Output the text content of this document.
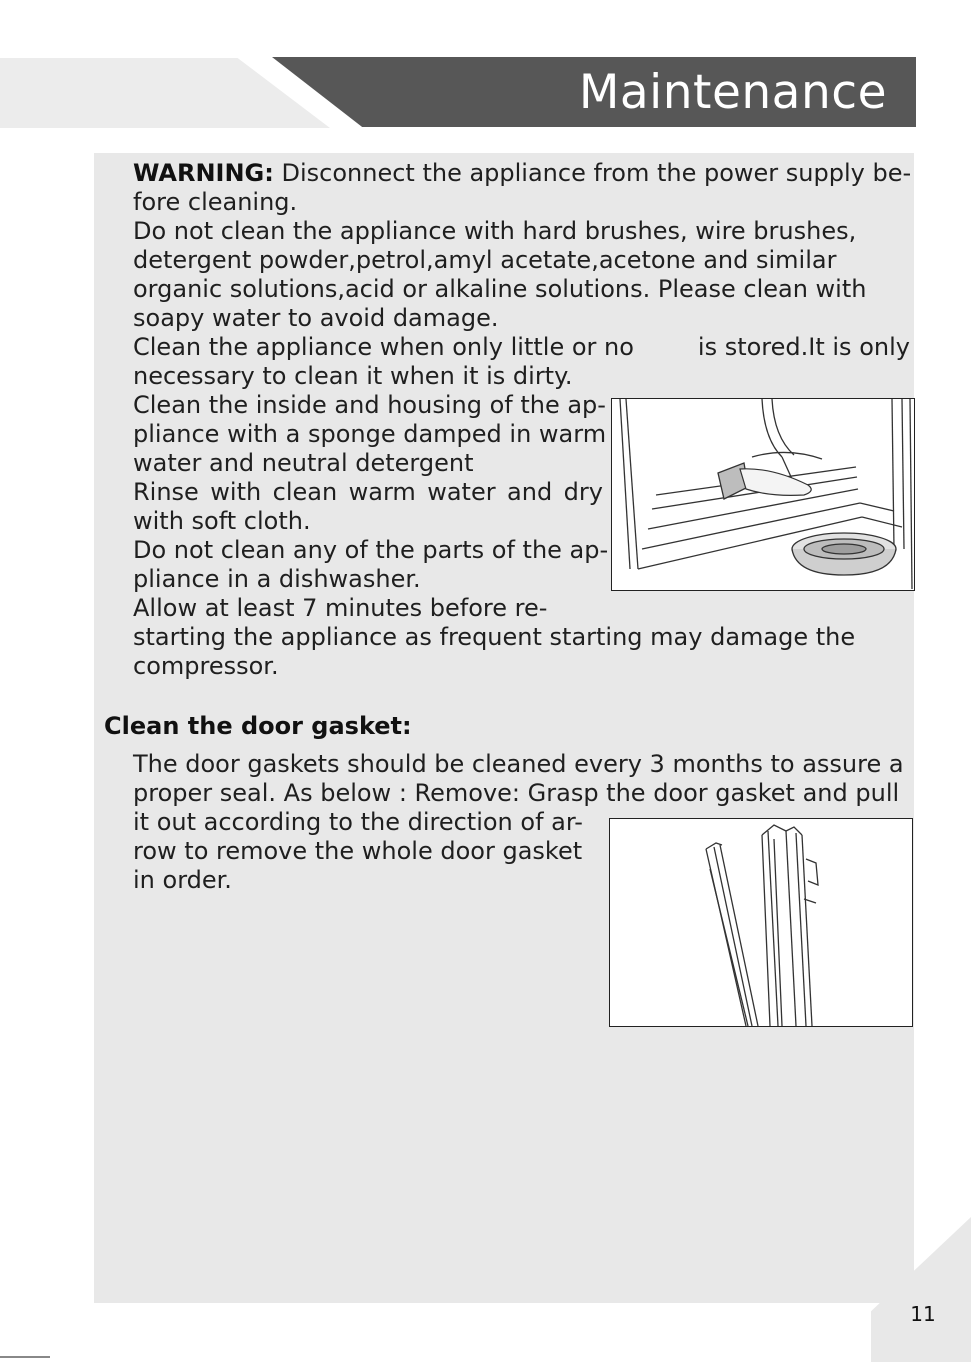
Maintenance
WARNING: Disconnect the appliance from the power supply be-
fore cleaning.
Do not clean the appliance with hard brushes, wire brushes,
detergent powder,petrol,amyl acetate,acetone and similar
organic solutions,acid or alkaline solutions. Please clean with
soapy water to avoid damage.
Clean the appliance when only little or no	is stored.It is only
necessary to clean it when it is dirty.
Clean the inside and housing of the ap-
pliance with a sponge damped in warm
water and neutral detergent
Rinse with clean warm water and dry
with soft cloth.
Do not clean any of the parts of the ap-
pliance in a dishwasher.
Allow at least 7 minutes before re-
starting the appliance as frequent starting may damage the
compressor.
Clean the door gasket:
The door gaskets should be cleaned every 3 months to assure a
proper seal. As below : Remove: Grasp the door gasket and pull
it out according to the direction of ar-
row to remove the whole door gasket
in order.
11
